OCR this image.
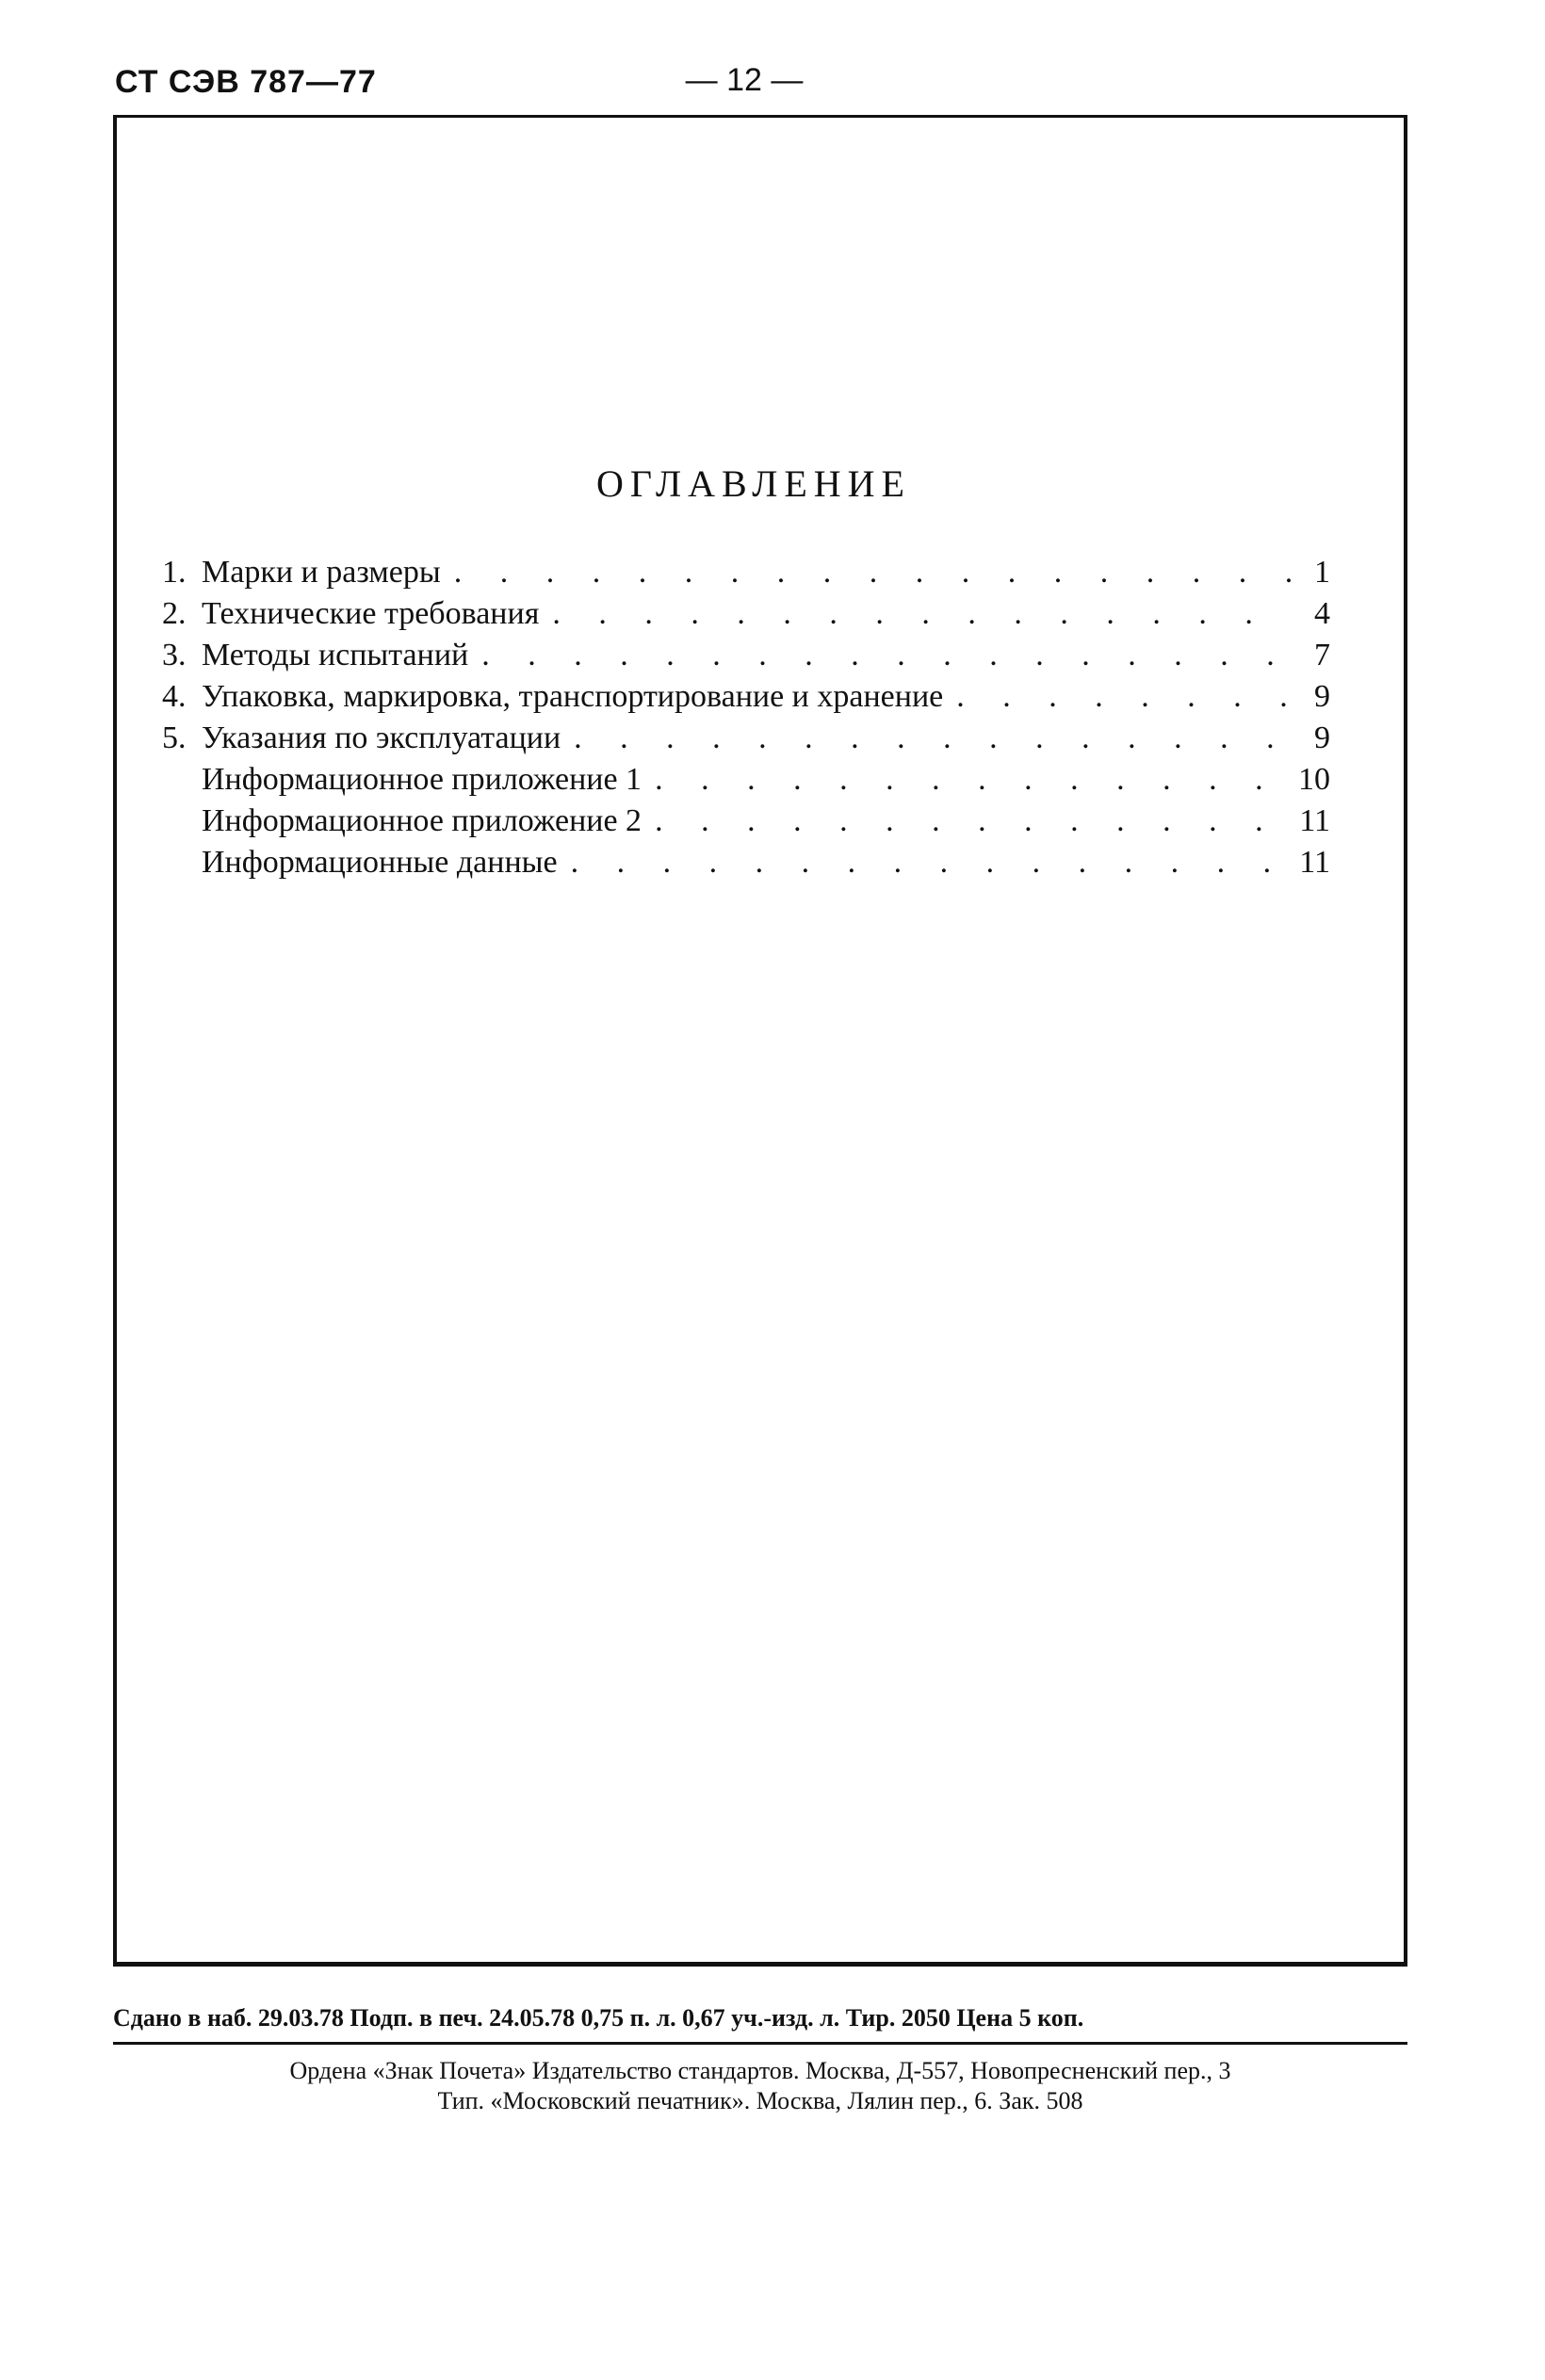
СТ СЭВ 787—77	— 12 —
ОГЛАВЛЕНИЕ
1. Марки и размеры . . .	1
2. Технические требования . . .	4
3. Методы испытаний . . .	7
4. Упаковка, маркировка, транспортирование и хранение . . .	9
5. Указания по эксплуатации . . .	9
Информационное приложение 1 . . .	10
Информационное приложение 2 . . .	11
Информационные данные . . .	11
Сдано в наб. 29.03.78 Подп. в печ. 24.05.78 0,75 п. л. 0,67 уч.-изд. л. Тир. 2050 Цена 5 коп.
Ордена «Знак Почета» Издательство стандартов. Москва, Д-557, Новопресненский пер., 3
Тип. «Московский печатник». Москва, Лялин пер., 6. Зак. 508
